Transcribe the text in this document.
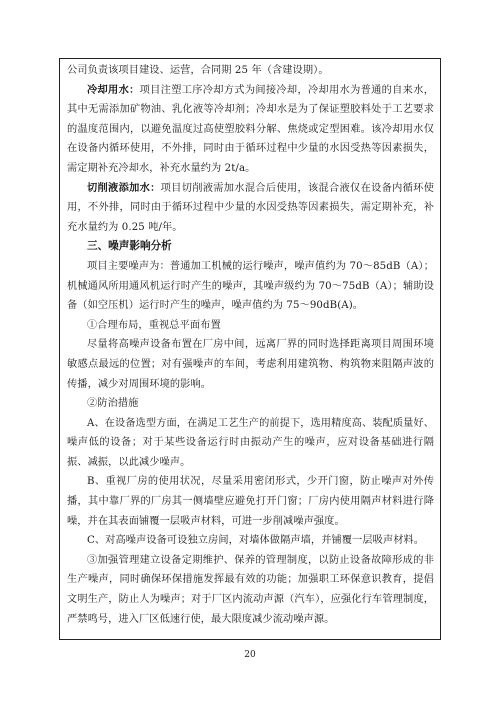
公司负责该项目建设、运营，合同期 25 年（含建设期）。

冷却用水：项目注塑工序冷却方式为间接冷却，冷却用水为普通的自来水，其中无需添加矿物油、乳化液等冷却剂；冷却水是为了保证塑胶料处于工艺要求的温度范围内，以避免温度过高使塑胶料分解、焦烧或定型困难。该冷却用水仅在设备内循环使用，不外排，同时由于循环过程中少量的水因受热等因素损失，需定期补充冷却水，补充水量约为 2t/a。

切削液添加水：项目切削液需加水混合后使用，该混合液仅在设备内循环使用，不外排，同时由于循环过程中少量的水因受热等因素损失，需定期补充，补充水量约为 0.25 吨/年。

三、噪声影响分析

项目主要噪声为：普通加工机械的运行噪声，噪声值约为 70～85dB（A）；机械通风所用通风机运行时产生的噪声，其噪声级约为 70～75dB（A）；辅助设备（如空压机）运行时产生的噪声，噪声值约为 75～90dB(A)。

①合理布局，重视总平面布置

尽量将高噪声设备布置在厂房中间，远离厂界的同时选择距离项目周围环境敏感点最远的位置；对有强噪声的车间，考虑利用建筑物、构筑物来阻隔声波的传播，减少对周围环境的影响。

②防治措施

A、在设备选型方面，在满足工艺生产的前提下，选用精度高、装配质量好、噪声低的设备；对于某些设备运行时由振动产生的噪声，应对设备基础进行隔振、减振，以此减少噪声。

B、重视厂房的使用状况，尽量采用密闭形式，少开门窗，防止噪声对外传播，其中靠厂界的厂房其一侧墙壁应避免打开门窗；厂房内使用隔声材料进行降噪，并在其表面铺覆一层吸声材料，可进一步削减噪声强度。

C、对高噪声设备可设独立房间，对墙体做隔声墙，并铺覆一层吸声材料。

③加强管理建立设备定期维护、保养的管理制度，以防止设备故障形成的非生产噪声，同时确保环保措施发挥最有效的功能；加强职工环保意识教育，提倡文明生产，防止人为噪声；对于厂区内流动声源（汽车），应强化行车管理制度，严禁鸣号，进入厂区低速行使，最大限度减少流动噪声源。

20
